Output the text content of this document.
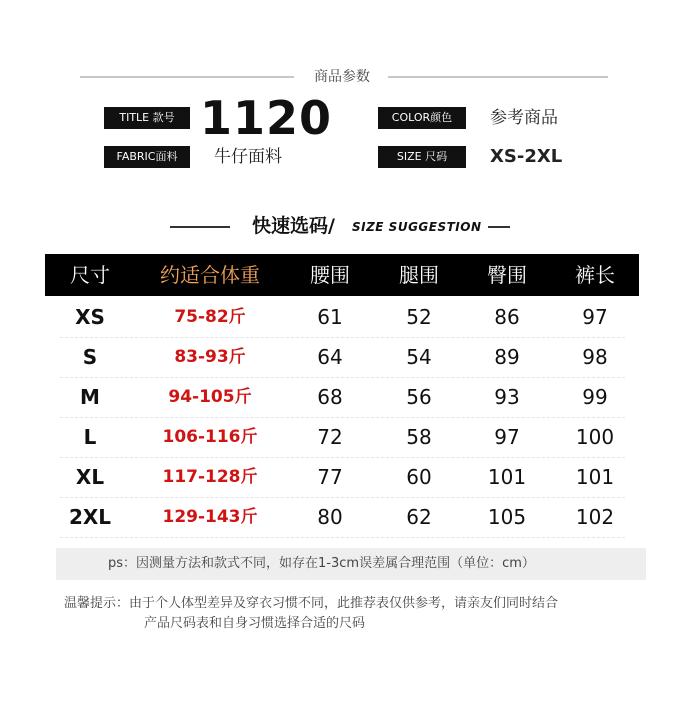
商品参数
TITLE 款号 1120	COLOR颜色	参考商品
FABRIC面料	牛仔面料	SIZE 尺码	XS-2XL
快速选码/ SIZE SUGGESTION
尺寸	约适合体重	腰围	腿围	臀围	裤长
XS	75-82斤	61	52	86	97
S	83-93斤	64	54	89	98
M	94-105斤	68	56	93	99
L	106-116斤	72	58	97	100
XL	117-128斤	77	60	101	101
2XL	129-143斤	80	62	105	102
ps：因测量方法和款式不同，如存在1-3cm误差属合理范围（单位：cm）
温馨提示：由于个人体型差异及穿衣习惯不同，此推荐表仅供参考，请亲友们同时结合
产品尺码表和自身习惯选择合适的尺码
